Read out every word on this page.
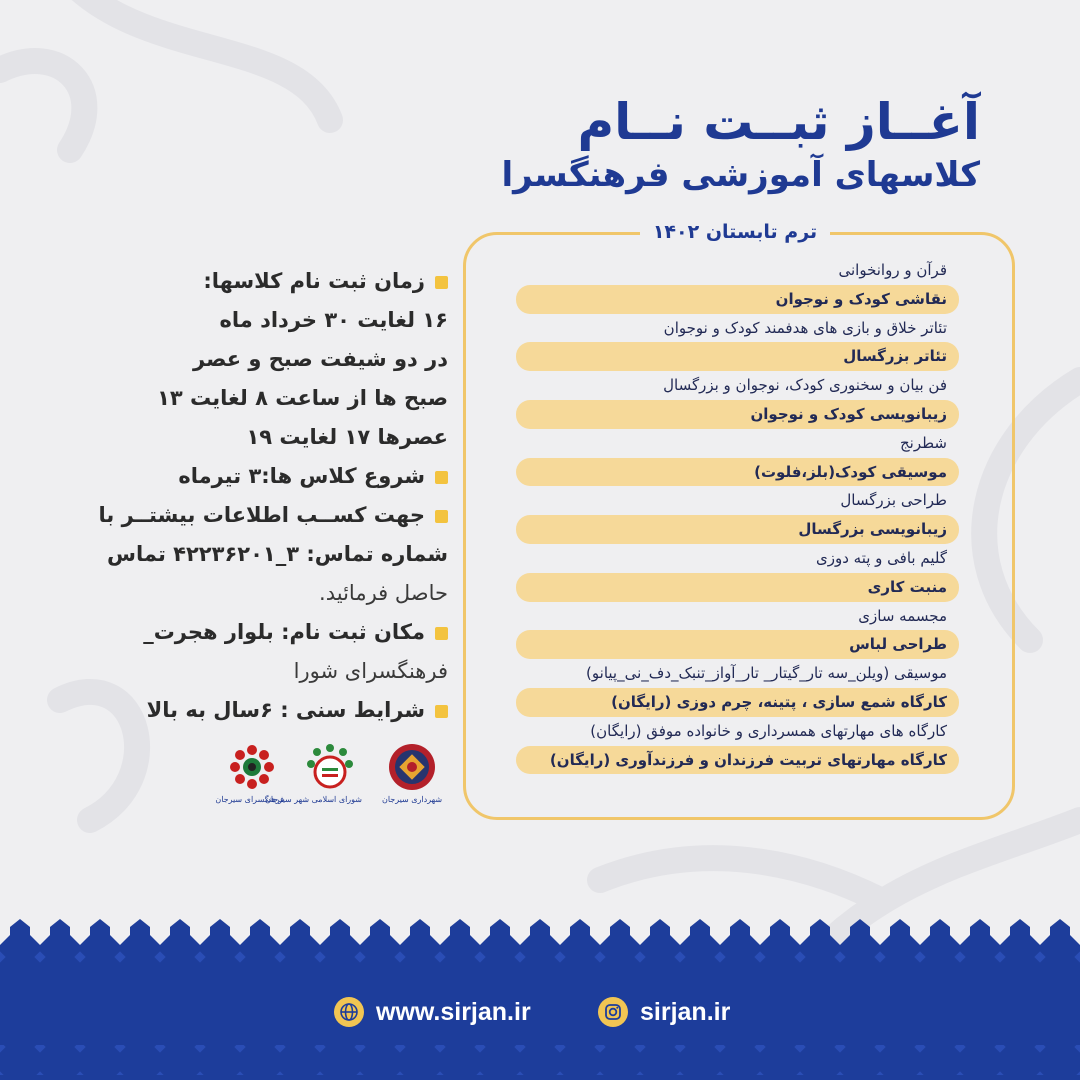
آغــاز ثبــت نــام
کلاسهای آموزشی فرهنگسرا
ترم تابستان ۱۴۰۲
قرآن و روانخوانی
نقاشی کودک و نوجوان
تئاتر خلاق و بازی های هدفمند کودک و نوجوان
تئاتر بزرگسال
فن بیان و سخنوری کودک، نوجوان و بزرگسال
زیبانویسی کودک و نوجوان
شطرنج
موسیقی کودک(بلز،فلوت)
طراحی بزرگسال
زیبانویسی بزرگسال
گلیم بافی و پته دوزی
منبت کاری
مجسمه سازی
طراحی لباس
موسیقی (ویلن_سه تار_گیتار_ تار_آواز_تنبک_دف_نی_پیانو)
کارگاه شمع سازی ، پتینه، چرم دوزی (رایگان)
کارگاه های مهارتهای همسرداری و خانواده موفق (رایگان)
کارگاه مهارتهای تربیت فرزندان و فرزندآوری (رایگان)
زمان ثبت نام کلاسها:
۱۶ لغایت ۳۰ خرداد ماه
در دو شیفت صبح و عصر
صبح ها از ساعت ۸ لغایت ۱۳
عصرها ۱۷ لغایت ۱۹
شروع کلاس ها:۳ تیرماه
جهت کســب اطلاعات بیشتــر با
شماره تماس: ۳_۴۲۲۳۶۲۰۱ تماس
حاصل فرمائید.
مکان ثبت نام: بلوار هجرت_
فرهنگسرای شورا
شرایط سنی : ۶سال به بالا
فرهنگسرای سیرجان
شورای اسلامی شهر سیرجان شهرداری سیرجان
www.sirjan.ir	sirjan.ir
